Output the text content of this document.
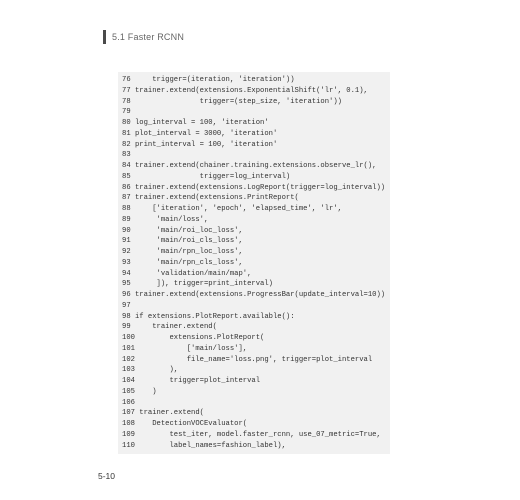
5.1 Faster RCNN
76     trigger=(iteration, 'iteration'))
77 trainer.extend(extensions.ExponentialShift('lr', 0.1),
78                trigger=(step_size, 'iteration'))
79
80 log_interval = 100, 'iteration'
81 plot_interval = 3000, 'iteration'
82 print_interval = 100, 'iteration'
83
84 trainer.extend(chainer.training.extensions.observe_lr(),
85                trigger=log_interval)
86 trainer.extend(extensions.LogReport(trigger=log_interval))
87 trainer.extend(extensions.PrintReport(
88     ['iteration', 'epoch', 'elapsed_time', 'lr',
89      'main/loss',
90      'main/roi_loc_loss',
91      'main/roi_cls_loss',
92      'main/rpn_loc_loss',
93      'main/rpn_cls_loss',
94      'validation/main/map',
95      ]), trigger=print_interval)
96 trainer.extend(extensions.ProgressBar(update_interval=10))
97
98 if extensions.PlotReport.available():
99     trainer.extend(
100        extensions.PlotReport(
101            ['main/loss'],
102            file_name='loss.png', trigger=plot_interval
103        ),
104        trigger=plot_interval
105    )
106
107 trainer.extend(
108    DetectionVOCEvaluator(
109        test_iter, model.faster_rcnn, use_07_metric=True,
110        label_names=fashion_label),
5-10
